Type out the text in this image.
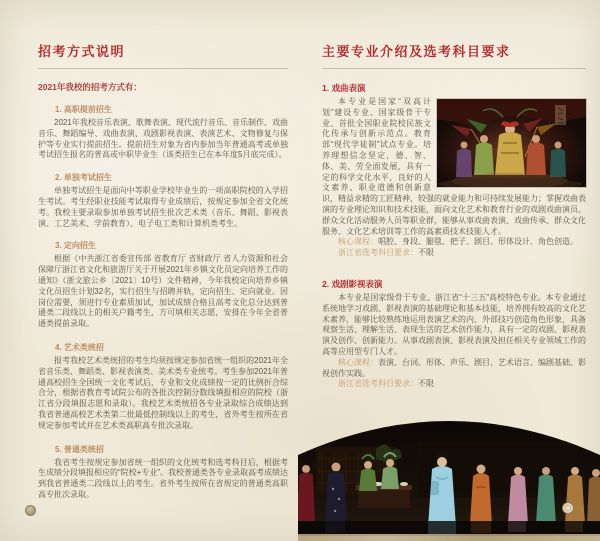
招考方式说明

2021年我校的招考方式有：

1. 高职提前招生

2021年我校音乐表演、歌舞表演、现代流行音乐、音乐制作、戏曲音乐、舞蹈编导、戏曲表演、戏剧影视表演、表演艺术、文物修复与保护等专业实行提前招生。提前招生对象为省内参加当年普通高考或单独考试招生报名的普高或中职毕业生（该类招生已在本年度5月底完成）。

2. 单独考试招生

单独考试招生是面向中等职业学校毕业生的一项高职院校的入学招生考试。考生经职业技能考试取得专业成绩后，按规定参加全省文化统考。我校主要录取参加单独考试招生批次艺术类（音乐、舞蹈、影视表演、工艺美术、学前教育）、电子电工类和计算机类考生。

3. 定向招生

根据《中共浙江省委宣传部 省教育厅 省财政厅 省人力资源和社会保障厅浙江省文化和旅游厅关于开展2021年乡镇文化员定向培养工作的通知》（浙文旅公乡〔2021〕10号）文件精神，今年我校定向培养乡镇文化员招生计划32名，实行招生与招聘并轨，定向招生、定向就业。因岗位需要，须进行专业素质加试，加试成绩合格且高考文化总分达到普通类二段线以上的相关户籍考生，方可填相关志愿，安排在今年全省普通类提前录取。

4. 艺术类统招

报考我校艺术类统招的考生均须按规定参加省统一组织的2021年全省音乐类、舞蹈类、影视表演类、美术类专业统考。考生参加2021年普通高校招生全国统一文化考试后，专业和文化成绩按一定的比例折合综合分，根据省教育考试院公布的各批次控制分数线填报相应的院校（浙江省分段填报志愿和录取）。我校艺术类统招各专业录取综合成绩达到我省普通高校艺术类第二批最低控制线以上的考生，省外考生按所在省规定参加考试并在艺术类高职高专批次录取。

5. 普通类统招

我省考生按规定参加省统一组织的文化统考和选考科目后，根据考生成绩分段填报相应的“院校+专业”。我校普通类各专业录取高考成绩达到我省普通类二段线以上的考生。省外考生按所在省规定的普通类高职高专批次录取。

主要专业介绍及选考科目要求
1. 戏曲表演

本专业是国家“双高计划”建设专业、国家级骨干专业、首批全国职业院校民族文化传承与创新示范点。教育部“现代学徒制”试点专业。培养理想信念坚定，德、智、体、美、劳全面发展，具有一定的科学文化水平，良好的人文素养、职业道德和创新意识，精益求精的工匠精神，较强的就业能力和可持续发展能力；掌握戏曲表演的专业理论知识和技术技能，面向文化艺术和教育行业的戏剧戏曲演员、群众文化活动服务人员等职业群，能够从事戏曲表演、戏曲传承、群众文化服务、文化艺术培训等工作的高素质技术技能人才。

核心课程：唱腔、身段、腿毯、把子、剧目、形体设计、角色创造。

浙江省选考科目要求：不限

2. 戏剧影视表演

本专业是国家级骨干专业、浙江省“十三五”高校特色专业。本专业通过系统地学习戏剧、影视表演的基础理论和基本技能，培养拥有较高的文化艺术素养，能够比较熟练地运用表演艺术的内、外部技巧创造角色形象，具备观察生活、理解生活、表现生活的艺术创作能力，具有一定的戏剧、影视表演及创作、创新能力。从事戏剧表演、影视表演及担任相关专业领域工作的高等应用型专门人才。

核心课程：表演、台词、形体、声乐、剧目、艺术语言、编剧基础、影视创作实践。

浙江省选考科目要求：不限
